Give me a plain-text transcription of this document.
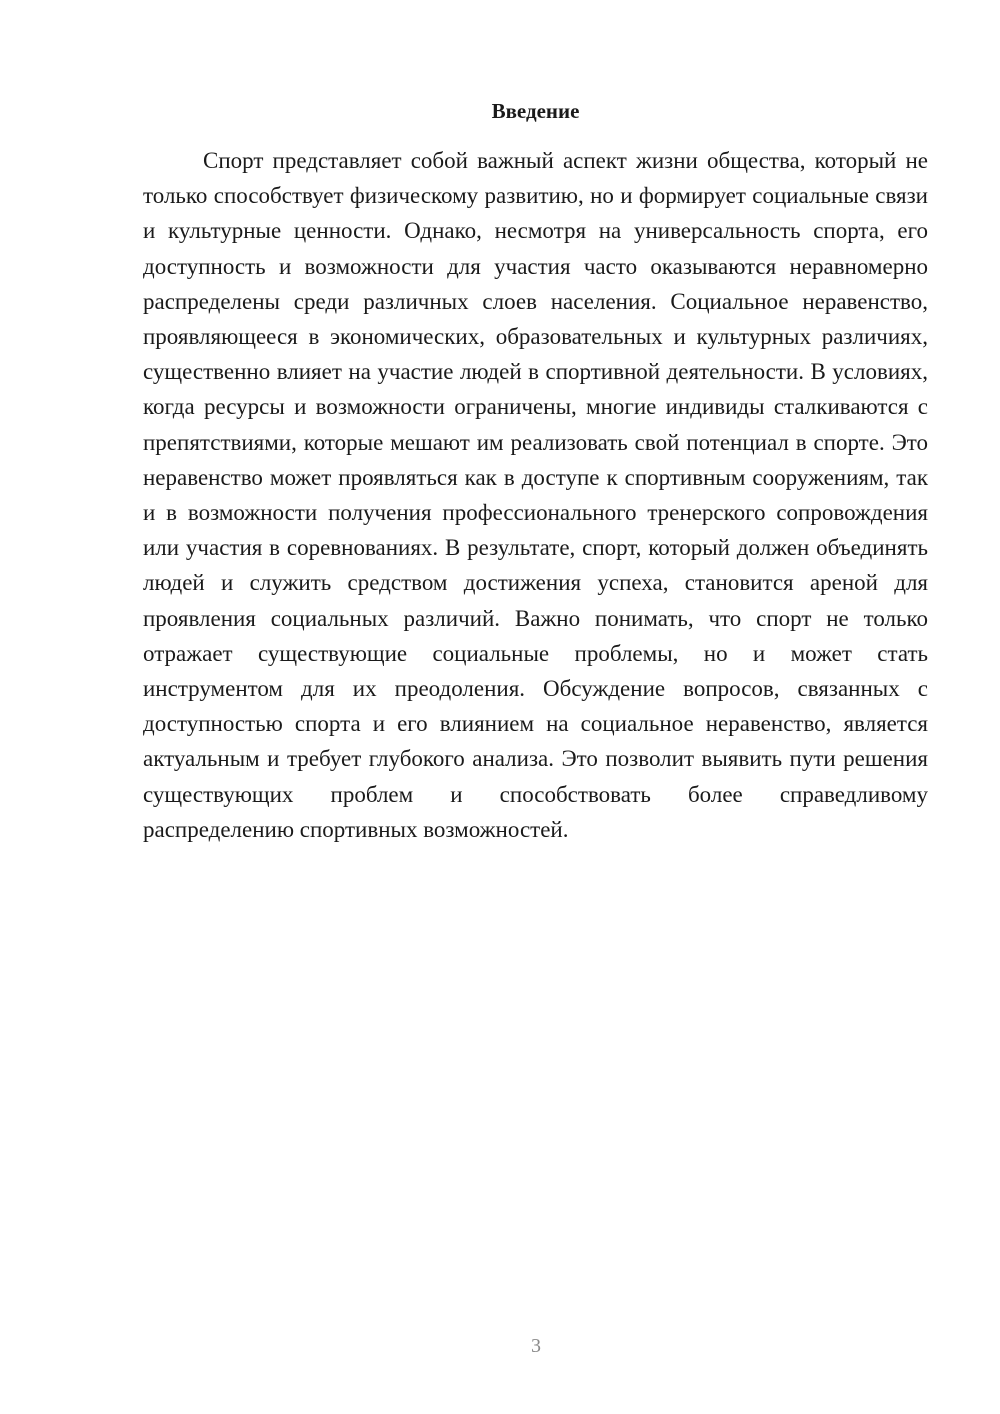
Введение

Спорт представляет собой важный аспект жизни общества, который не только способствует физическому развитию, но и формирует социальные связи и культурные ценности. Однако, несмотря на универсальность спорта, его доступность и возможности для участия часто оказываются неравномерно распределены среди различных слоев населения. Социальное неравенство, проявляющееся в экономических, образовательных и культурных различиях, существенно влияет на участие людей в спортивной деятельности. В условиях, когда ресурсы и возможности ограничены, многие индивиды сталкиваются с препятствиями, которые мешают им реализовать свой потенциал в спорте. Это неравенство может проявляться как в доступе к спортивным сооружениям, так и в возможности получения профессионального тренерского сопровождения или участия в соревнованиях. В результате, спорт, который должен объединять людей и служить средством достижения успеха, становится ареной для проявления социальных различий. Важно понимать, что спорт не только отражает существующие социальные проблемы, но и может стать инструментом для их преодоления. Обсуждение вопросов, связанных с доступностью спорта и его влиянием на социальное неравенство, является актуальным и требует глубокого анализа. Это позволит выявить пути решения существующих проблем и способствовать более справедливому распределению спортивных возможностей.

3
